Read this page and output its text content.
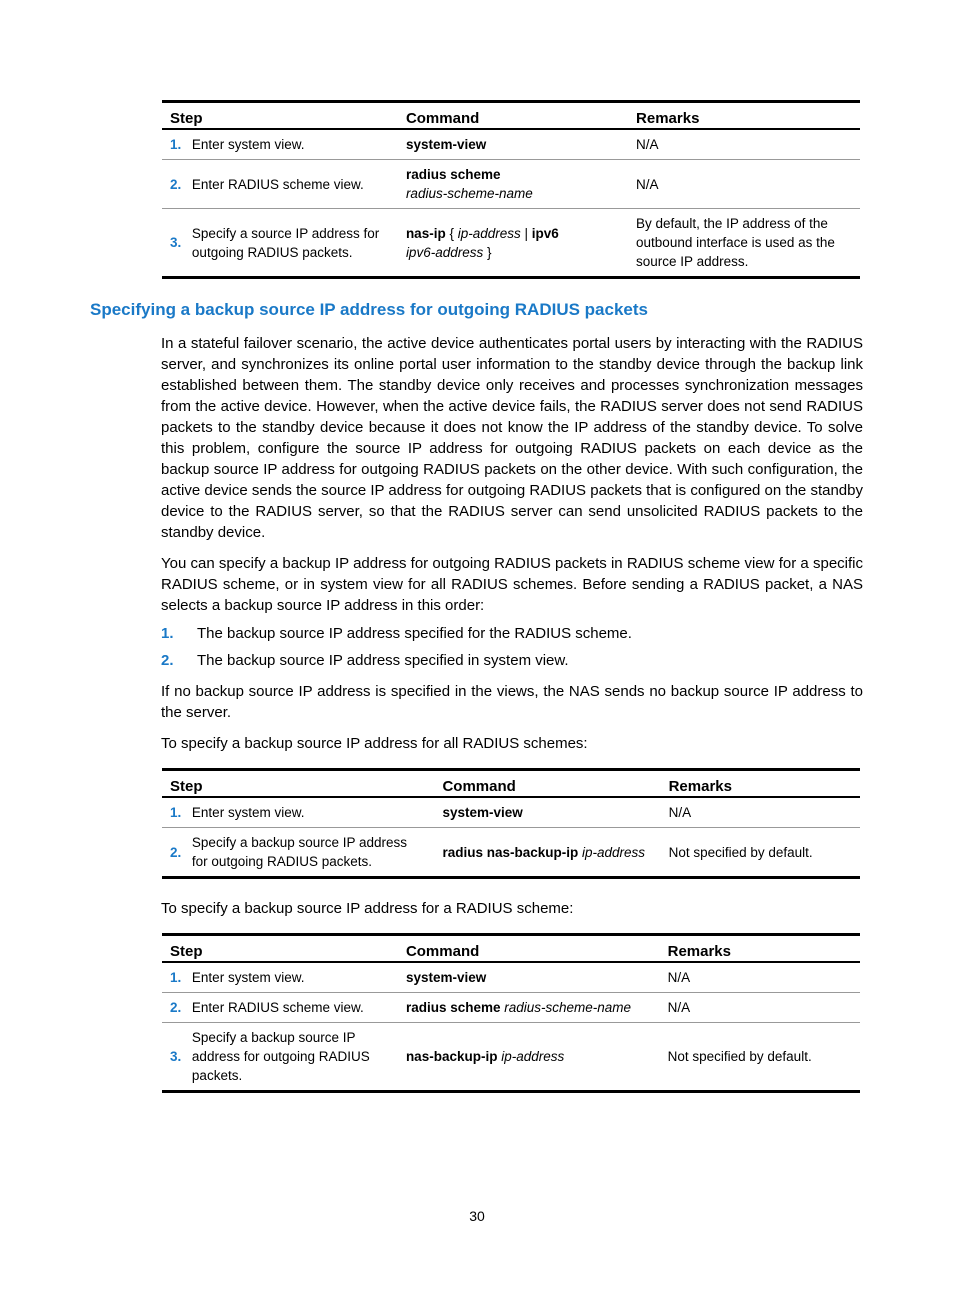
Step		Command	Remarks
1.	Enter system view.	system-view	N/A
2.	Enter RADIUS scheme view.	radius scheme
radius-scheme-name	N/A
3.	Specify a source IP address for outgoing RADIUS packets.	nas-ip { ip-address | ipv6
ipv6-address }	By default, the IP address of the outbound interface is used as the source IP address.
Specifying a backup source IP address for outgoing RADIUS packets

In a stateful failover scenario, the active device authenticates portal users by interacting with the RADIUS server, and synchronizes its online portal user information to the standby device through the backup link established between them. The standby device only receives and processes synchronization messages from the active device. However, when the active device fails, the RADIUS server does not send RADIUS packets to the standby device because it does not know the IP address of the standby device. To solve this problem, configure the source IP address for outgoing RADIUS packets on each device as the backup source IP address for outgoing RADIUS packets on the other device. With such configuration, the active device sends the source IP address for outgoing RADIUS packets that is configured on the standby device to the RADIUS server, so that the RADIUS server can send unsolicited RADIUS packets to the standby device.

You can specify a backup IP address for outgoing RADIUS packets in RADIUS scheme view for a specific RADIUS scheme, or in system view for all RADIUS schemes. Before sending a RADIUS packet, a NAS selects a backup source IP address in this order:

1. The backup source IP address specified for the RADIUS scheme.
2. The backup source IP address specified in system view.

If no backup source IP address is specified in the views, the NAS sends no backup source IP address to the server.

To specify a backup source IP address for all RADIUS schemes:

Step		Command	Remarks
1.	Enter system view.	system-view	N/A
2.	Specify a backup source IP address for outgoing RADIUS packets.	radius nas-backup-ip ip-address	Not specified by default.

To specify a backup source IP address for a RADIUS scheme:

Step		Command	Remarks
1.	Enter system view.	system-view	N/A
2.	Enter RADIUS scheme view.	radius scheme radius-scheme-name	N/A
3.	Specify a backup source IP address for outgoing RADIUS packets.	nas-backup-ip ip-address	Not specified by default.
30
